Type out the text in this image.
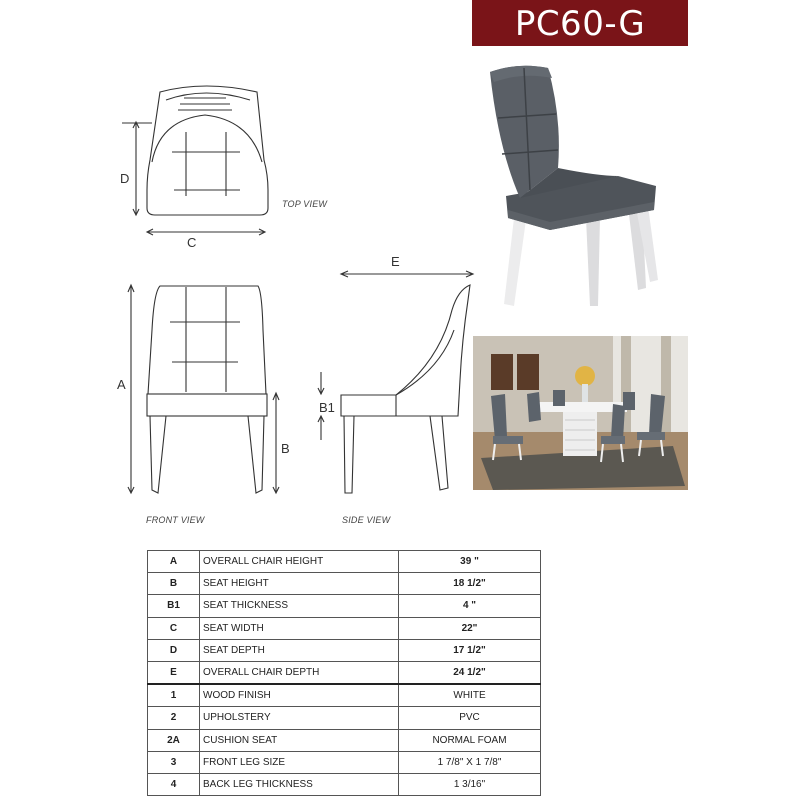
PC60-G
D
C
A
B
B1
E
TOP VIEW
FRONT VIEW	SIDE VIEW
A	OVERALL CHAIR HEIGHT	39 "
B	SEAT HEIGHT	18 1/2"
B1	SEAT THICKNESS	4 "
C	SEAT WIDTH	22"
D	SEAT DEPTH	17 1/2"
E	OVERALL CHAIR DEPTH	24 1/2"
1	WOOD FINISH	WHITE
2	UPHOLSTERY	PVC
2A	CUSHION SEAT	NORMAL FOAM
3	FRONT LEG SIZE	1 7/8" X 1 7/8"
4	BACK LEG THICKNESS	1 3/16"
